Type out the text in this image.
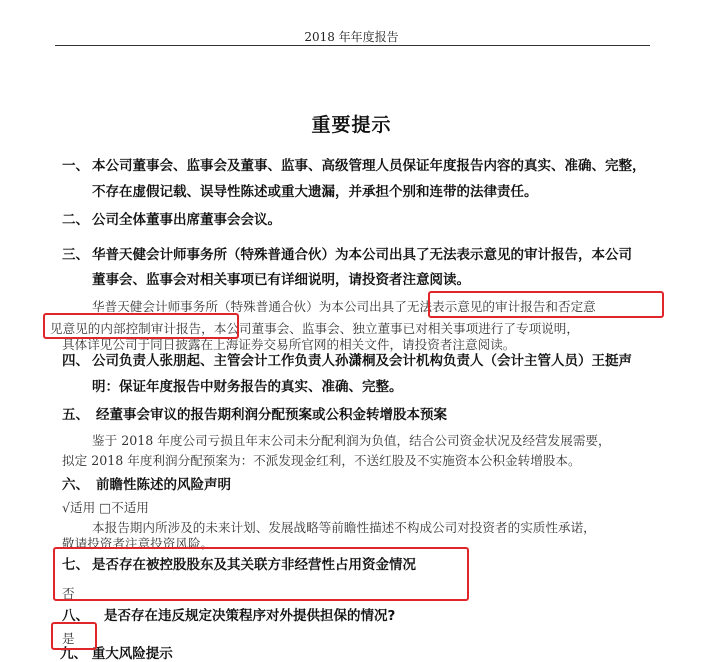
2018 年年度报告
重要提示
一、 本公司董事会、监事会及董事、监事、高级管理人员保证年度报告内容的真实、准确、完整，
不存在虚假记载、误导性陈述或重大遗漏，并承担个别和连带的法律责任。
二、 公司全体董事出席董事会会议。
三、 华普天健会计师事务所（特殊普通合伙）为本公司出具了无法表示意见的审计报告，本公司
董事会、监事会对相关事项已有详细说明，请投资者注意阅读。
华普天健会计师事务所（特殊普通合伙）为本公司出具了无法表示意见的审计报告和否定意
见意见的内部控制审计报告，本公司董事会、监事会、独立董事已对相关事项进行了专项说明，
具体详见公司于同日披露在上海证券交易所官网的相关文件，请投资者注意阅读。
四、 公司负责人张朋起、主管会计工作负责人孙潇桐及会计机构负责人（会计主管人员）王挺声
明：保证年度报告中财务报告的真实、准确、完整。
五、 经董事会审议的报告期利润分配预案或公积金转增股本预案
鉴于 2018 年度公司亏损且年末公司未分配利润为负值，结合公司资金状况及经营发展需要，
拟定 2018 年度利润分配预案为：不派发现金红利，不送红股及不实施资本公积金转增股本。
六、 前瞻性陈述的风险声明
√适用 □不适用
本报告期内所涉及的未来计划、发展战略等前瞻性描述不构成公司对投资者的实质性承诺，
敬请投资者注意投资风险。
七、 是否存在被控股股东及其关联方非经营性占用资金情况
否
八、 是否存在违反规定决策程序对外提供担保的情况?
是
九、 重大风险提示
